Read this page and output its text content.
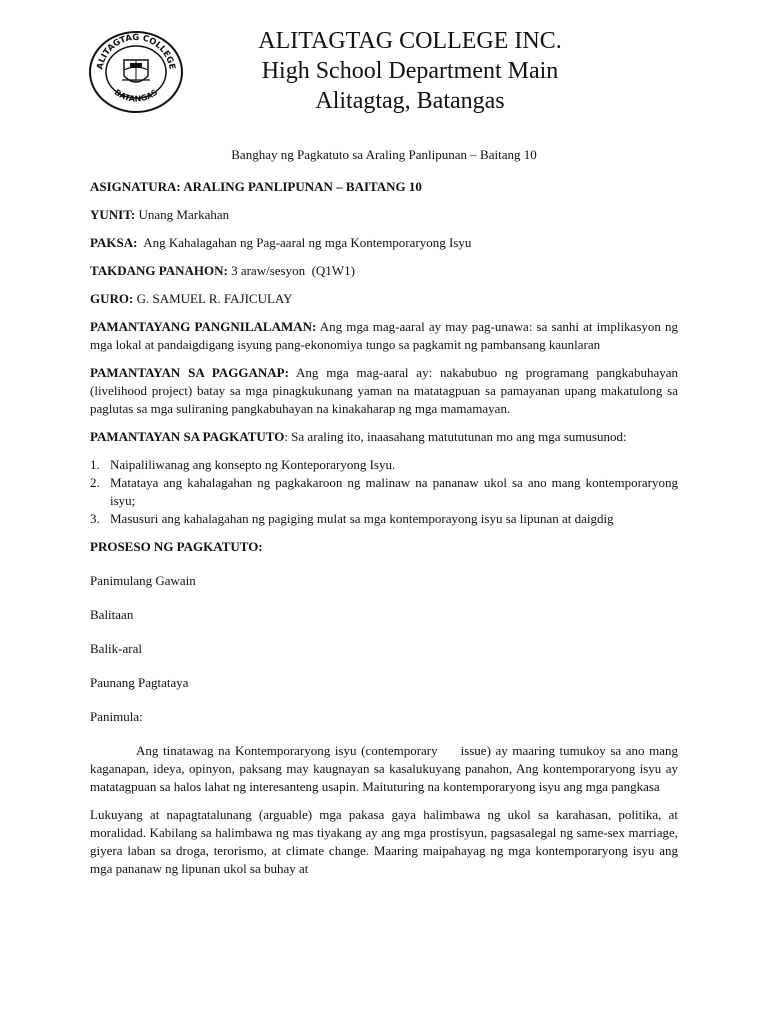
ALITAGTAG COLLEGE
BATANGAS
ALITAGTAG COLLEGE INC.
High School Department Main
Alitagtag, Batangas
Banghay ng Pagkatuto sa Araling Panlipunan – Baitang 10
ASIGNATURA: ARALING PANLIPUNAN – BAITANG 10
YUNIT: Unang Markahan
PAKSA:  Ang Kahalagahan ng Pag-aaral ng mga Kontemporaryong Isyu
TAKDANG PANAHON: 3 araw/sesyon  (Q1W1)
GURO: G. SAMUEL R. FAJICULAY
PAMANTAYANG PANGNILALAMAN: Ang mga mag-aaral ay may pag-unawa: sa sanhi at implikasyon ng mga lokal at pandaigdigang isyung pang-ekonomiya tungo sa pagkamit ng pambansang kaunlaran
PAMANTAYAN SA PAGGANAP: Ang mga mag-aaral ay: nakabubuo ng programang pangkabuhayan (livelihood project) batay sa mga pinagkukunang yaman na matatagpuan sa pamayanan upang makatulong sa paglutas sa mga suliraning pangkabuhayan na kinakaharap ng mga mamamayan.
PAMANTAYAN SA PAGKATUTO: Sa araling ito, inaasahang matututunan mo ang mga sumusunod:
1. Naipaliliwanag ang konsepto ng Konteporaryong Isyu.
2. Matataya ang kahalagahan ng pagkakaroon ng malinaw na pananaw ukol sa ano mang kontemporaryong isyu;
3. Masusuri ang kahalagahan ng pagiging mulat sa mga kontemporayong isyu sa lipunan at daigdig
PROSESO NG PAGKATUTO:
Panimulang Gawain
Balitaan
Balik-aral
Paunang Pagtataya
Panimula:
Ang tinatawag na Kontemporaryong isyu (contemporary     issue) ay maaring tumukoy sa ano mang kaganapan, ideya, opinyon, paksang may kaugnayan sa kasalukuyang panahon, Ang kontemporaryong isyu ay matatagpuan sa halos lahat ng interesanteng usapin. Maituturing na kontemporaryong isyu ang mga pangkasa
Lukuyang at napagtatalunang (arguable) mga pakasa gaya halimbawa ng ukol sa karahasan, politika, at moralidad. Kabilang sa halimbawa ng mas tiyakang ay ang mga prostisyun, pagsasalegal ng same-sex marriage, giyera laban sa droga, terorismo, at climate change. Maaring maipahayag ng mga kontemporaryong isyu ang mga pananaw ng lipunan ukol sa buhay at
